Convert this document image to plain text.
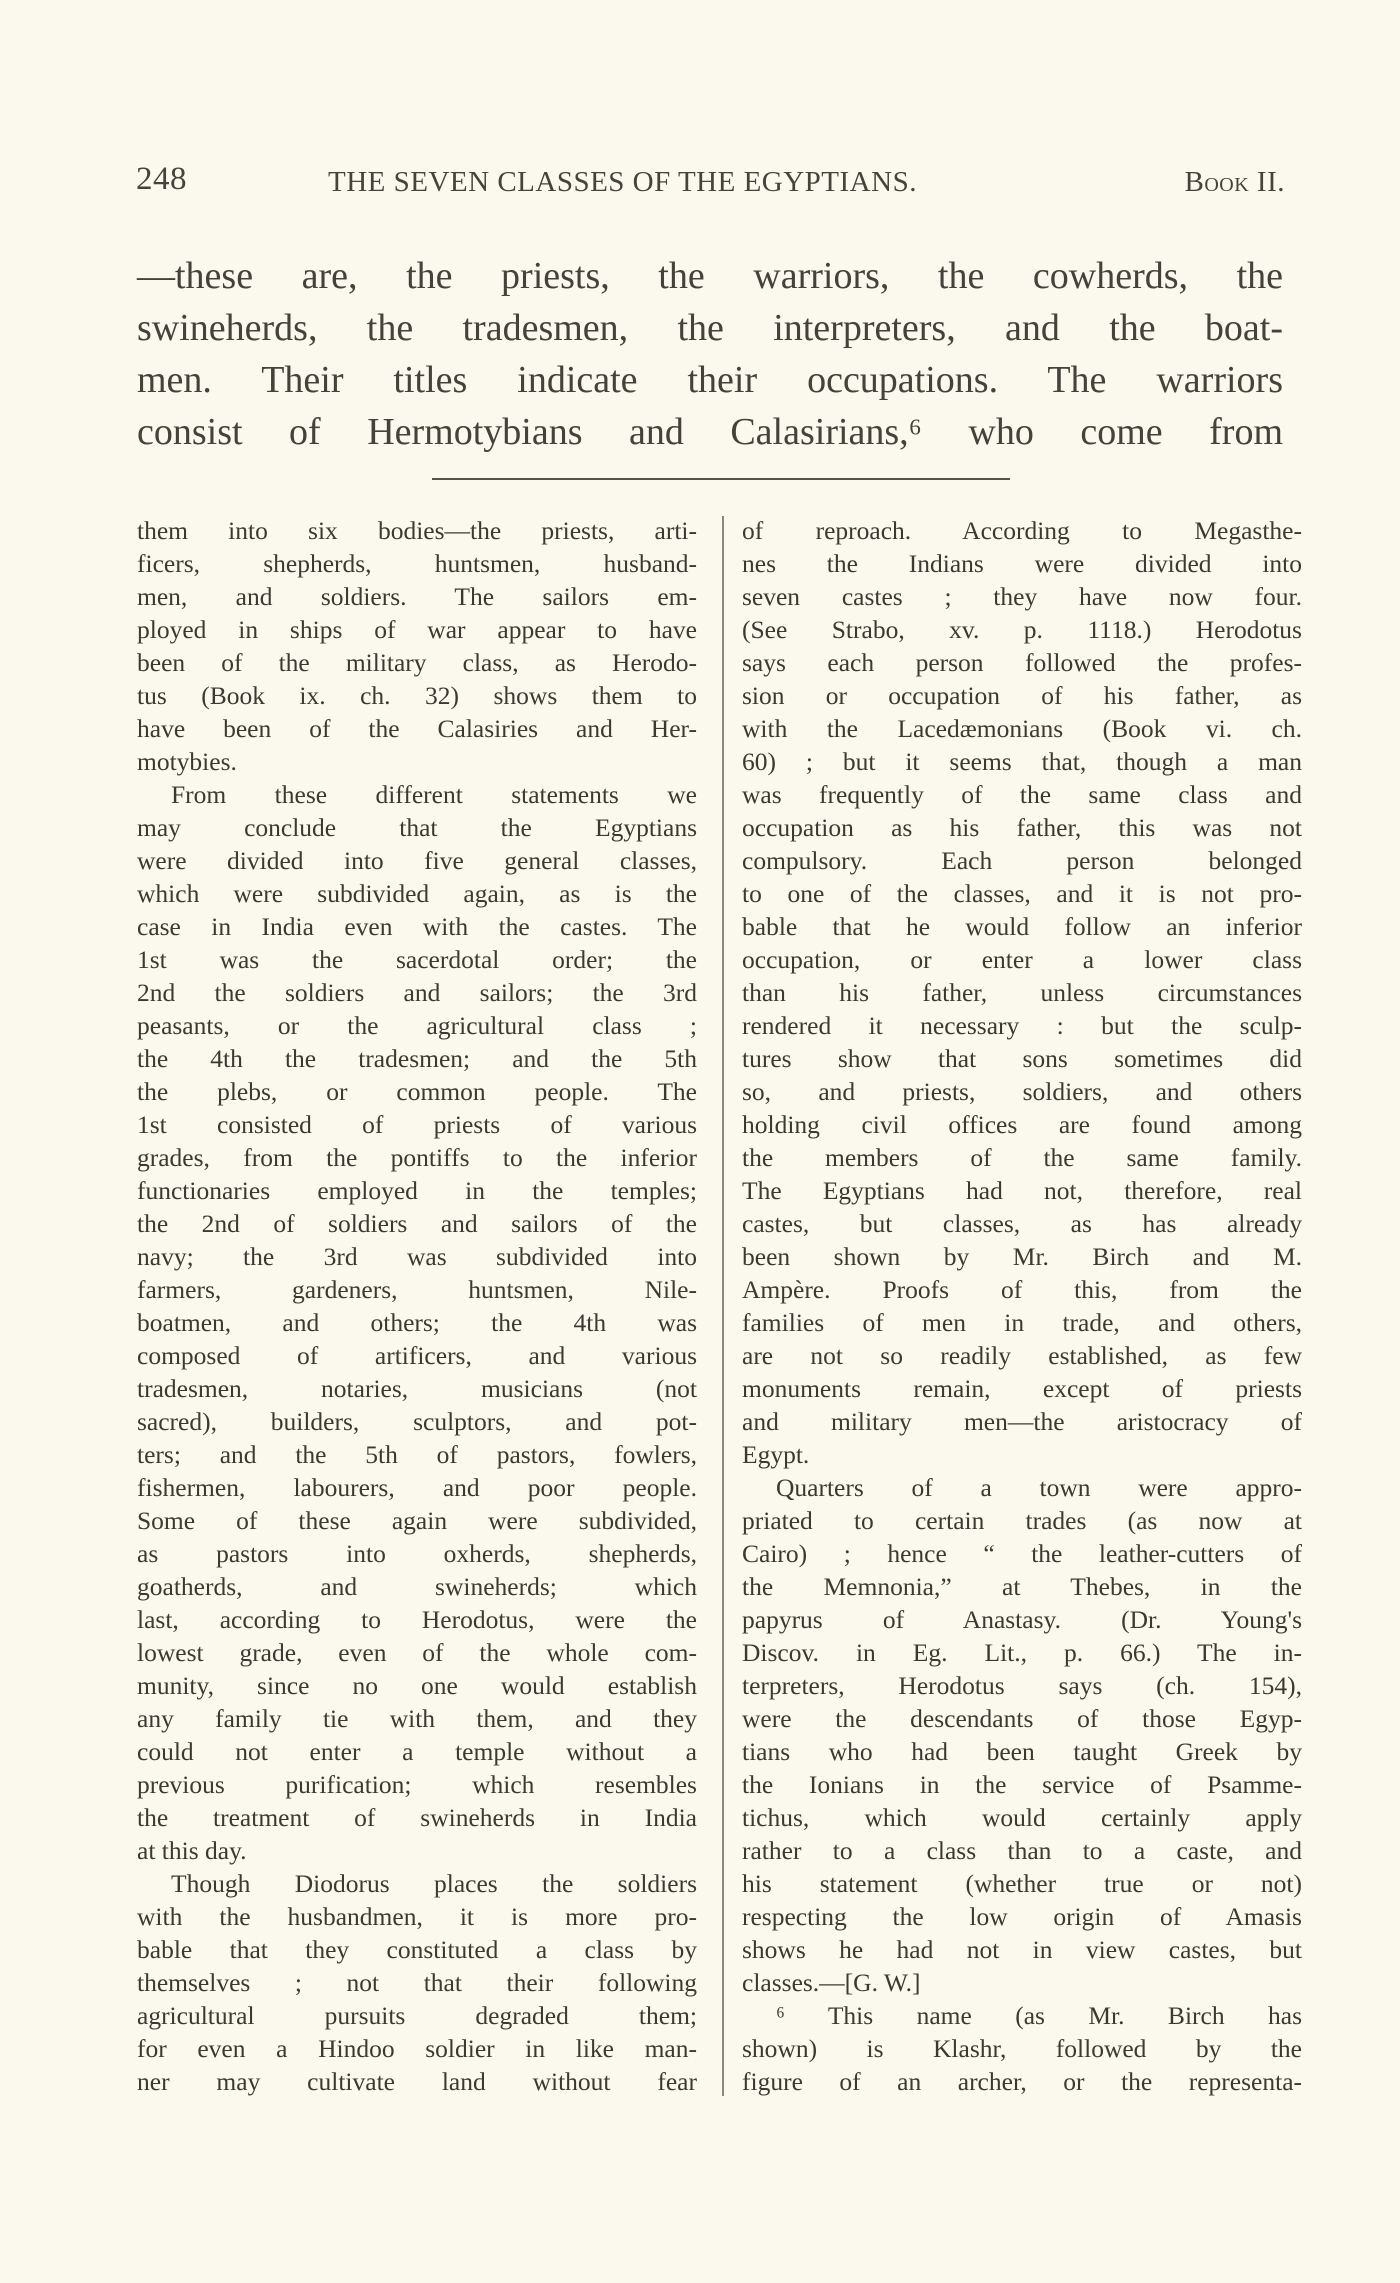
248	THE SEVEN CLASSES OF THE EGYPTIANS.	Book II.
—these are, the priests, the warriors, the cowherds, the
swineherds, the tradesmen, the interpreters, and the boat-
men. Their titles indicate their occupations. The warriors
consist of Hermotybians and Calasirians,⁶ who come from
them into six bodies—the priests, arti-
ficers, shepherds, huntsmen, husband-
men, and soldiers. The sailors em-
ployed in ships of war appear to have
been of the military class, as Herodo-
tus (Book ix. ch. 32) shows them to
have been of the Calasiries and Her-
motybies.
From these different statements we
may conclude that the Egyptians
were divided into five general classes,
which were subdivided again, as is the
case in India even with the castes. The
1st was the sacerdotal order; the
2nd the soldiers and sailors; the 3rd
peasants, or the agricultural class ;
the 4th the tradesmen; and the 5th
the plebs, or common people. The
1st consisted of priests of various
grades, from the pontiffs to the inferior
functionaries employed in the temples;
the 2nd of soldiers and sailors of the
navy; the 3rd was subdivided into
farmers, gardeners, huntsmen, Nile-
boatmen, and others; the 4th was
composed of artificers, and various
tradesmen, notaries, musicians (not
sacred), builders, sculptors, and pot-
ters; and the 5th of pastors, fowlers,
fishermen, labourers, and poor people.
Some of these again were subdivided,
as pastors into oxherds, shepherds,
goatherds, and swineherds; which
last, according to Herodotus, were the
lowest grade, even of the whole com-
munity, since no one would establish
any family tie with them, and they
could not enter a temple without a
previous purification; which resembles
the treatment of swineherds in India
at this day.
Though Diodorus places the soldiers
with the husbandmen, it is more pro-
bable that they constituted a class by
themselves ; not that their following
agricultural pursuits degraded them;
for even a Hindoo soldier in like man-
ner may cultivate land without fear
of reproach. According to Megasthe-
nes the Indians were divided into
seven castes ; they have now four.
(See Strabo, xv. p. 1118.) Herodotus
says each person followed the profes-
sion or occupation of his father, as
with the Lacedæmonians (Book vi. ch.
60) ; but it seems that, though a man
was frequently of the same class and
occupation as his father, this was not
compulsory. Each person belonged
to one of the classes, and it is not pro-
bable that he would follow an inferior
occupation, or enter a lower class
than his father, unless circumstances
rendered it necessary : but the sculp-
tures show that sons sometimes did
so, and priests, soldiers, and others
holding civil offices are found among
the members of the same family.
The Egyptians had not, therefore, real
castes, but classes, as has already
been shown by Mr. Birch and M.
Ampère. Proofs of this, from the
families of men in trade, and others,
are not so readily established, as few
monuments remain, except of priests
and military men—the aristocracy of
Egypt.
Quarters of a town were appro-
priated to certain trades (as now at
Cairo) ; hence “ the leather-cutters of
the Memnonia,” at Thebes, in the
papyrus of Anastasy. (Dr. Young's
Discov. in Eg. Lit., p. 66.) The in-
terpreters, Herodotus says (ch. 154),
were the descendants of those Egyp-
tians who had been taught Greek by
the Ionians in the service of Psamme-
tichus, which would certainly apply
rather to a class than to a caste, and
his statement (whether true or not)
respecting the low origin of Amasis
shows he had not in view castes, but
classes.—[G. W.]
⁶ This name (as Mr. Birch has
shown) is Klashr, followed by the
figure of an archer, or the representa-
